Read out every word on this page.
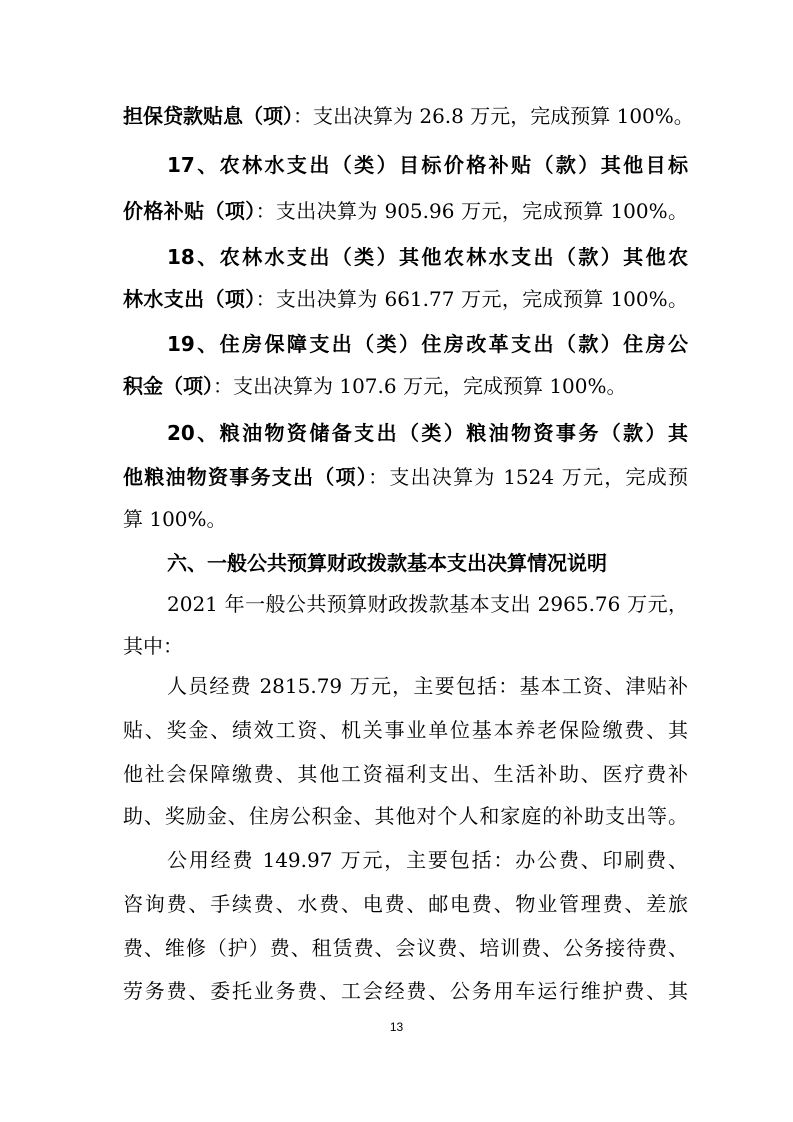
担保贷款贴息（项）：支出决算为 26.8 万元，完成预算 100%。
17、农林水支出（类）目标价格补贴（款）其他目标
价格补贴（项）：支出决算为 905.96 万元，完成预算 100%。
18、农林水支出（类）其他农林水支出（款）其他农
林水支出（项）：支出决算为 661.77 万元，完成预算 100%。
19、住房保障支出（类）住房改革支出（款）住房公
积金（项）：支出决算为 107.6 万元，完成预算 100%。
20、粮油物资储备支出（类）粮油物资事务（款）其
他粮油物资事务支出（项）：支出决算为 1524 万元，完成预
算 100%。
六、一般公共预算财政拨款基本支出决算情况说明
2021 年一般公共预算财政拨款基本支出 2965.76 万元，
其中：
人员经费 2815.79 万元，主要包括：基本工资、津贴补
贴、奖金、绩效工资、机关事业单位基本养老保险缴费、其
他社会保障缴费、其他工资福利支出、生活补助、医疗费补
助、奖励金、住房公积金、其他对个人和家庭的补助支出等。
公用经费 149.97 万元，主要包括：办公费、印刷费、
咨询费、手续费、水费、电费、邮电费、物业管理费、差旅
费、维修（护）费、租赁费、会议费、培训费、公务接待费、
劳务费、委托业务费、工会经费、公务用车运行维护费、其
13
